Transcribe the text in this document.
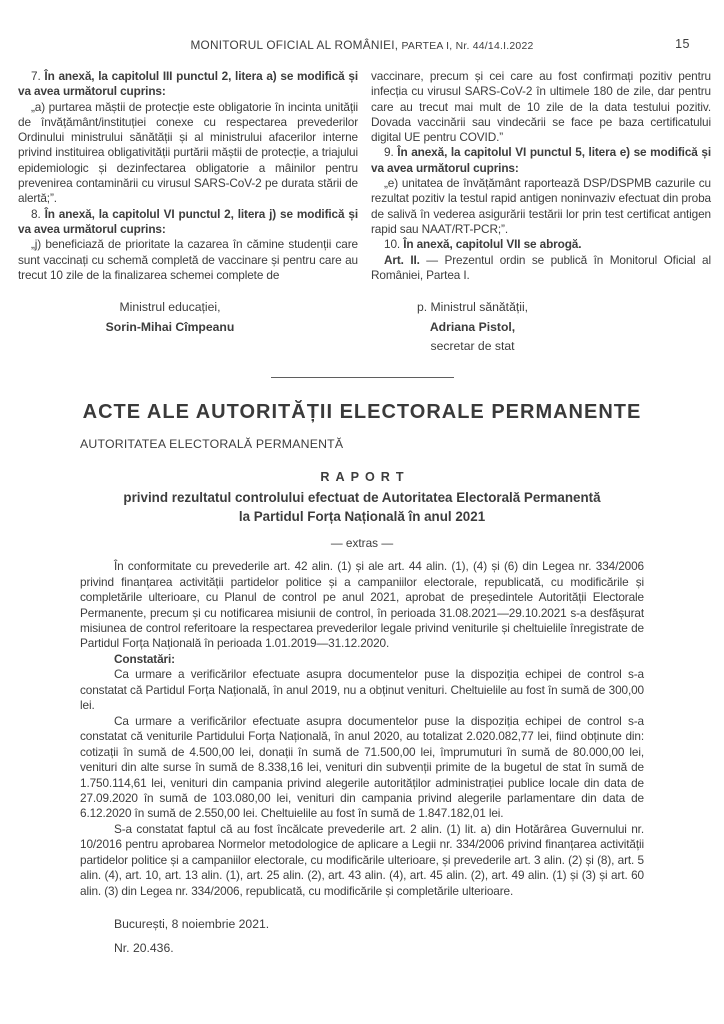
MONITORUL OFICIAL AL ROMÂNIEI, PARTEA I, Nr. 44/14.I.2022	15

7. În anexă, la capitolul III punctul 2, litera a) se modifică și va avea următorul cuprins:

„a) purtarea măștii de protecție este obligatorie în incinta unității de învățământ/instituției conexe cu respectarea prevederilor Ordinului ministrului sănătății și al ministrului afacerilor interne privind instituirea obligativității purtării măștii de protecție, a triajului epidemiologic și dezinfectarea obligatorie a mâinilor pentru prevenirea contaminării cu virusul SARS-CoV-2 pe durata stării de alertă;”.

8. În anexă, la capitolul VI punctul 2, litera j) se modifică și va avea următorul cuprins:

„j) beneficiază de prioritate la cazarea în cămine studenții care sunt vaccinați cu schemă completă de vaccinare și pentru care au trecut 10 zile de la finalizarea schemei complete de

vaccinare, precum și cei care au fost confirmați pozitiv pentru infecția cu virusul SARS-CoV-2 în ultimele 180 de zile, dar pentru care au trecut mai mult de 10 zile de la data testului pozitiv. Dovada vaccinării sau vindecării se face pe baza certificatului digital UE pentru COVID.”

9. În anexă, la capitolul VI punctul 5, litera e) se modifică și va avea următorul cuprins:

„e) unitatea de învățământ raportează DSP/DSPMB cazurile cu rezultat pozitiv la testul rapid antigen noninvaziv efectuat din proba de salivă în vederea asigurării testării lor prin test certificat antigen rapid sau NAAT/RT-PCR;”.

10. În anexă, capitolul VII se abrogă.

Art. II. — Prezentul ordin se publică în Monitorul Oficial al României, Partea I.

Ministrul educației,
Sorin-Mihai Cîmpeanu
p. Ministrul sănătății,
Adriana Pistol,
secretar de stat
ACTE ALE AUTORITĂȚII ELECTORALE PERMANENTE
AUTORITATEA ELECTORALĂ PERMANENTĂ
RAPORT
privind rezultatul controlului efectuat de Autoritatea Electorală Permanentă
la Partidul Forța Națională în anul 2021
— extras —

În conformitate cu prevederile art. 42 alin. (1) și ale art. 44 alin. (1), (4) și (6) din Legea nr. 334/2006 privind finanțarea activității partidelor politice și a campaniilor electorale, republicată, cu modificările și completările ulterioare, cu Planul de control pe anul 2021, aprobat de președintele Autorității Electorale Permanente, precum și cu notificarea misiunii de control, în perioada 31.08.2021—29.10.2021 s-a desfășurat misiunea de control referitoare la respectarea prevederilor legale privind veniturile și cheltuielile înregistrate de Partidul Forța Națională în perioada 1.01.2019—31.12.2020.

Constatări:

Ca urmare a verificărilor efectuate asupra documentelor puse la dispoziția echipei de control s-a constatat că Partidul Forța Națională, în anul 2019, nu a obținut venituri. Cheltuielile au fost în sumă de 300,00 lei.

Ca urmare a verificărilor efectuate asupra documentelor puse la dispoziția echipei de control s-a constatat că veniturile Partidului Forța Națională, în anul 2020, au totalizat 2.020.082,77 lei, fiind obținute din: cotizații în sumă de 4.500,00 lei, donații în sumă de 71.500,00 lei, împrumuturi în sumă de 80.000,00 lei, venituri din alte surse în sumă de 8.338,16 lei, venituri din subvenții primite de la bugetul de stat în sumă de 1.750.114,61 lei, venituri din campania privind alegerile autorităților administrației publice locale din data de 27.09.2020 în sumă de 103.080,00 lei, venituri din campania privind alegerile parlamentare din data de 6.12.2020 în sumă de 2.550,00 lei. Cheltuielile au fost în sumă de 1.847.182,01 lei.

S-a constatat faptul că au fost încălcate prevederile art. 2 alin. (1) lit. a) din Hotărârea Guvernului nr. 10/2016 pentru aprobarea Normelor metodologice de aplicare a Legii nr. 334/2006 privind finanțarea activității partidelor politice și a campaniilor electorale, cu modificările ulterioare, și prevederile art. 3 alin. (2) și (8), art. 5 alin. (4), art. 10, art. 13 alin. (1), art. 25 alin. (2), art. 43 alin. (4), art. 45 alin. (2), art. 49 alin. (1) și (3) și art. 60 alin. (3) din Legea nr. 334/2006, republicată, cu modificările și completările ulterioare.

București, 8 noiembrie 2021.
Nr. 20.436.
